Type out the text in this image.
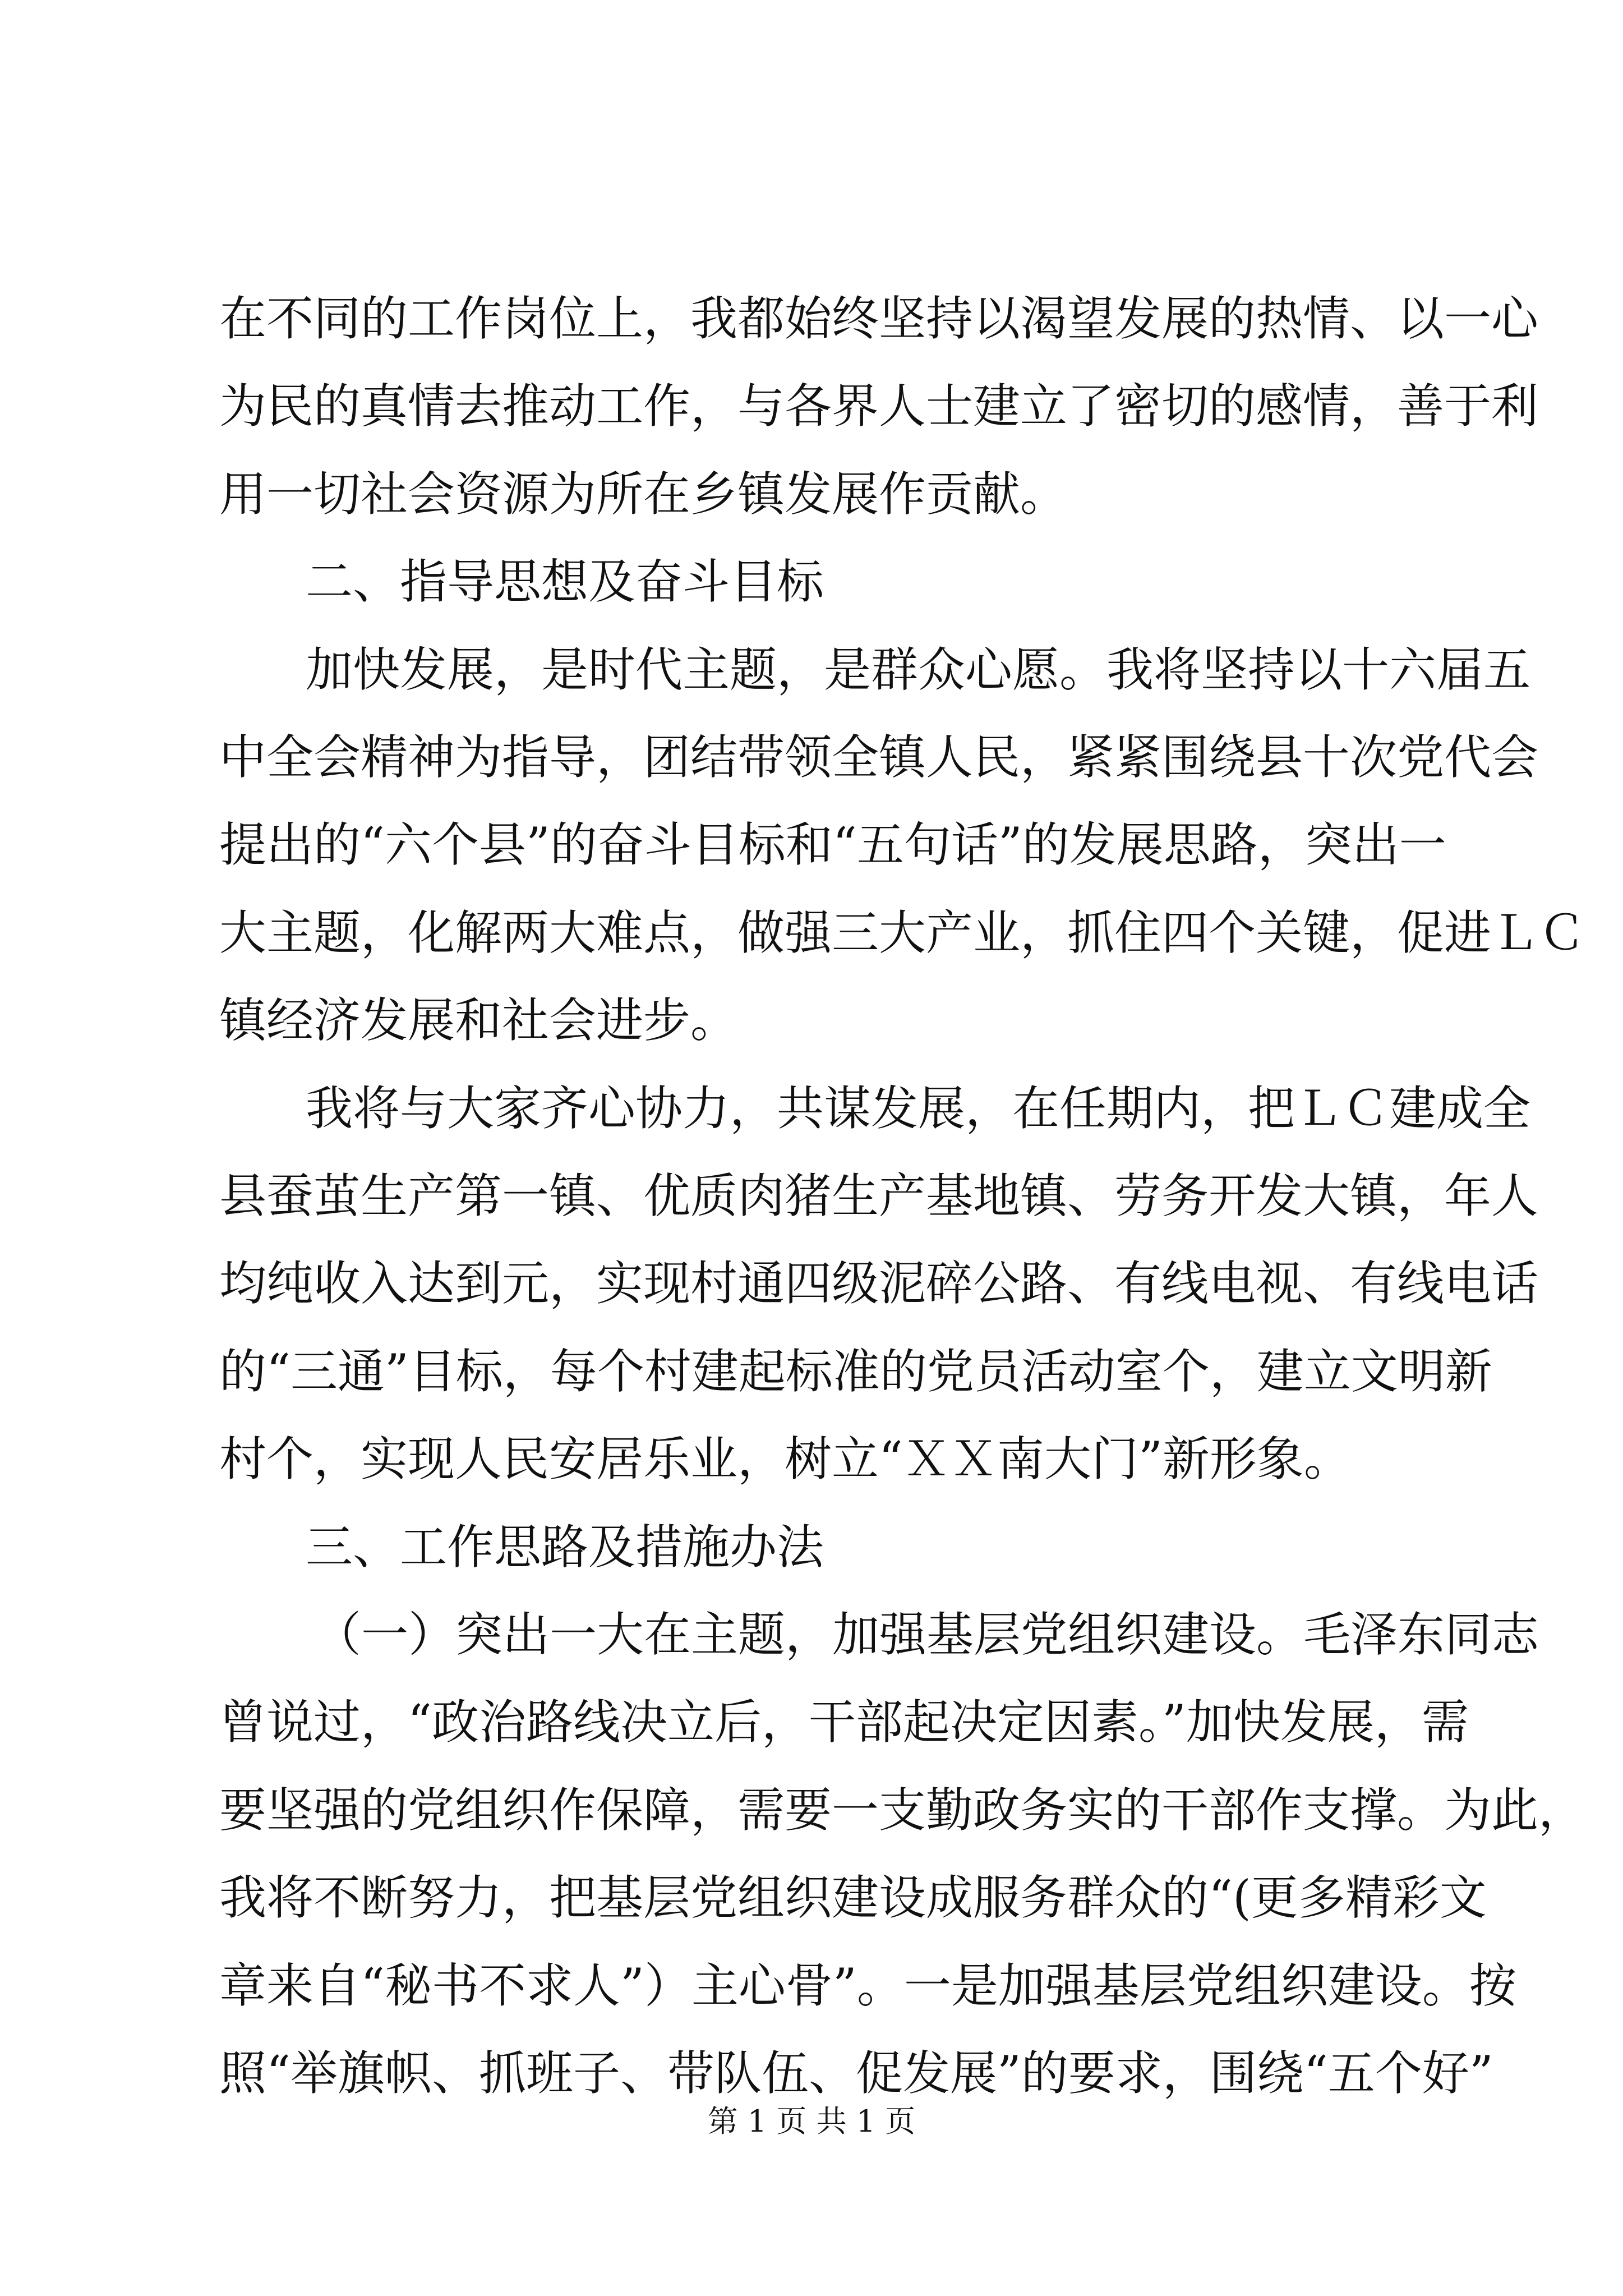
在不同的工作岗位上，我都始终坚持以渴望发展的热情、以一心
为民的真情去推动工作，与各界人士建立了密切的感情，善于利
用一切社会资源为所在乡镇发展作贡献。
二、指导思想及奋斗目标
加快发展，是时代主题，是群众心愿。我将坚持以十六届五
中全会精神为指导，团结带领全镇人民，紧紧围绕县十次党代会
提出的“六个县”的奋斗目标和“五句话”的发展思路，突出一
大主题，化解两大难点，做强三大产业，抓住四个关键，促进ＬＣ
镇经济发展和社会进步。
我将与大家齐心协力，共谋发展，在任期内，把ＬＣ建成全
县蚕茧生产第一镇、优质肉猪生产基地镇、劳务开发大镇，年人
均纯收入达到元，实现村通四级泥碎公路、有线电视、有线电话
的“三通”目标，每个村建起标准的党员活动室个，建立文明新
村个，实现人民安居乐业，树立“ＸＸ南大门”新形象。
三、工作思路及措施办法
（一）突出一大在主题，加强基层党组织建设。毛泽东同志
曾说过，“政治路线决立后，干部起决定因素。”加快发展，需
要坚强的党组织作保障，需要一支勤政务实的干部作支撑。为此，
我将不断努力，把基层党组织建设成服务群众的“(更多精彩文
章来自“秘书不求人”）主心骨”。一是加强基层党组织建设。按
照“举旗帜、抓班子、带队伍、促发展”的要求，围绕“五个好”
第 1 页 共 1 页
